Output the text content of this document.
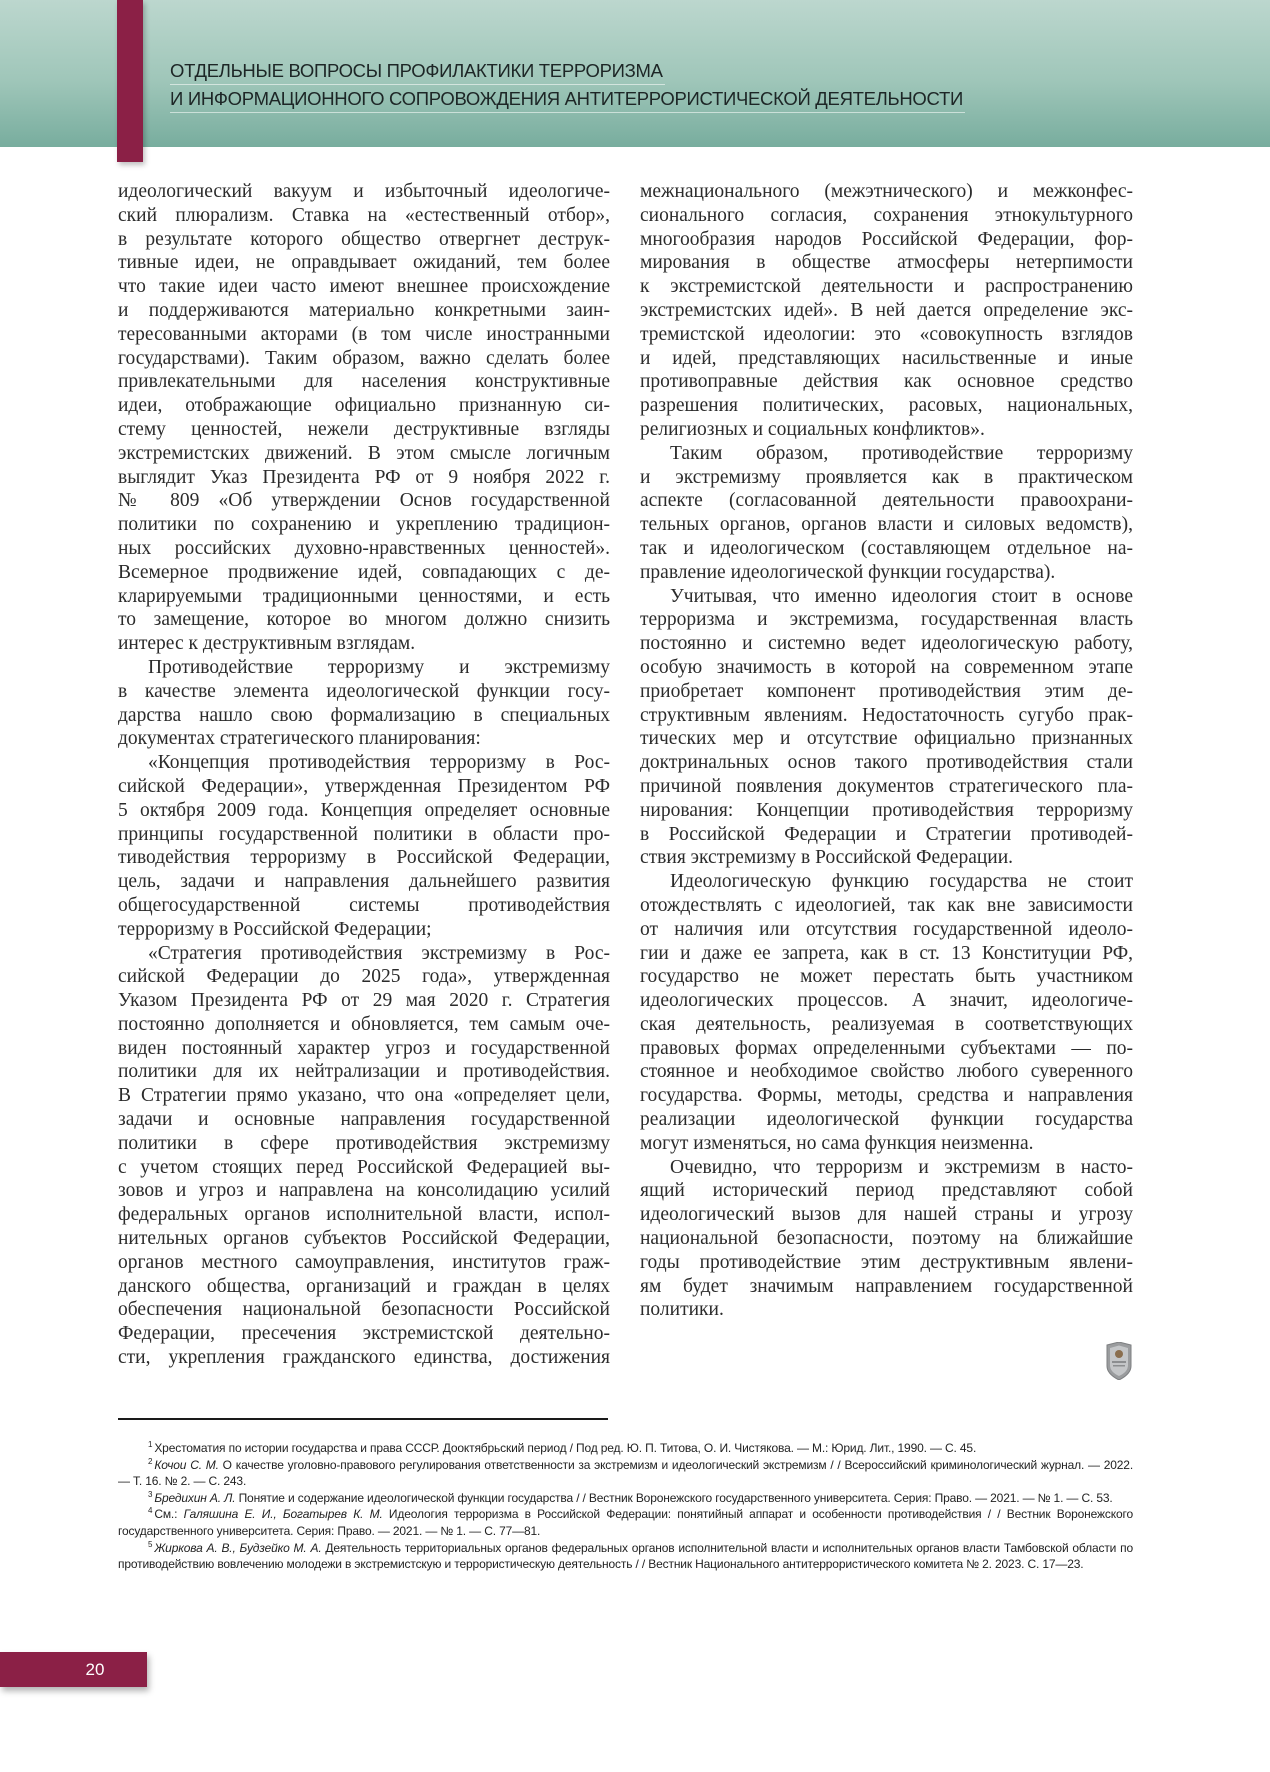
ОТДЕЛЬНЫЕ ВОПРОСЫ ПРОФИЛАКТИКИ ТЕРРОРИЗМА
И ИНФОРМАЦИОННОГО СОПРОВОЖДЕНИЯ АНТИТЕРРОРИСТИЧЕСКОЙ ДЕЯТЕЛЬНОСТИ
идеологический вакуум и избыточный идеологиче-
ский плюрализм. Ставка на «естественный отбор»,
в результате которого общество отвергнет деструк-
тивные идеи, не оправдывает ожиданий, тем более
что такие идеи часто имеют внешнее происхождение
и поддерживаются материально конкретными заин-
тересованными акторами (в том числе иностранными
государствами). Таким образом, важно сделать более
привлекательными для населения конструктивные
идеи, отображающие официально признанную си-
стему ценностей, нежели деструктивные взгляды
экстремистских движений. В этом смысле логичным
выглядит Указ Президента РФ от 9 ноября 2022 г.
№ 809 «Об утверждении Основ государственной
политики по сохранению и укреплению традицион-
ных российских духовно-нравственных ценностей».
Всемерное продвижение идей, совпадающих с де-
кларируемыми традиционными ценностями, и есть
то замещение, которое во многом должно снизить
интерес к деструктивным взглядам.
Противодействие терроризму и экстремизму
в качестве элемента идеологической функции госу-
дарства нашло свою формализацию в специальных
документах стратегического планирования:
«Концепция противодействия терроризму в Рос-
сийской Федерации», утвержденная Президентом РФ
5 октября 2009 года. Концепция определяет основные
принципы государственной политики в области про-
тиводействия терроризму в Российской Федерации,
цель, задачи и направления дальнейшего развития
общегосударственной системы противодействия
терроризму в Российской Федерации;
«Стратегия противодействия экстремизму в Рос-
сийской Федерации до 2025 года», утвержденная
Указом Президента РФ от 29 мая 2020 г. Стратегия
постоянно дополняется и обновляется, тем самым оче-
виден постоянный характер угроз и государственной
политики для их нейтрализации и противодействия.
В Стратегии прямо указано, что она «определяет цели,
задачи и основные направления государственной
политики в сфере противодействия экстремизму
с учетом стоящих перед Российской Федерацией вы-
зовов и угроз и направлена на консолидацию усилий
федеральных органов исполнительной власти, испол-
нительных органов субъектов Российской Федерации,
органов местного самоуправления, институтов граж-
данского общества, организаций и граждан в целях
обеспечения национальной безопасности Российской
Федерации, пресечения экстремистской деятельно-
сти, укрепления гражданского единства, достижения
межнационального (межэтнического) и межконфес-
сионального согласия, сохранения этнокультурного
многообразия народов Российской Федерации, фор-
мирования в обществе атмосферы нетерпимости
к экстремистской деятельности и распространению
экстремистских идей». В ней дается определение экс-
тремистской идеологии: это «совокупность взглядов
и идей, представляющих насильственные и иные
противоправные действия как основное средство
разрешения политических, расовых, национальных,
религиозных и социальных конфликтов».
Таким образом, противодействие терроризму
и экстремизму проявляется как в практическом
аспекте (согласованной деятельности правоохрани-
тельных органов, органов власти и силовых ведомств),
так и идеологическом (составляющем отдельное на-
правление идеологической функции государства).
Учитывая, что именно идеология стоит в основе
терроризма и экстремизма, государственная власть
постоянно и системно ведет идеологическую работу,
особую значимость в которой на современном этапе
приобретает компонент противодействия этим де-
структивным явлениям. Недостаточность сугубо прак-
тических мер и отсутствие официально признанных
доктринальных основ такого противодействия стали
причиной появления документов стратегического пла-
нирования: Концепции противодействия терроризму
в Российской Федерации и Стратегии противодей-
ствия экстремизму в Российской Федерации.
Идеологическую функцию государства не стоит
отождествлять с идеологией, так как вне зависимости
от наличия или отсутствия государственной идеоло-
гии и даже ее запрета, как в ст. 13 Конституции РФ,
государство не может перестать быть участником
идеологических процессов. А значит, идеологиче-
ская деятельность, реализуемая в соответствующих
правовых формах определенными субъектами — по-
стоянное и необходимое свойство любого суверенного
государства. Формы, методы, средства и направления
реализации идеологической функции государства
могут изменяться, но сама функция неизменна.
Очевидно, что терроризм и экстремизм в насто-
ящий исторический период представляют собой
идеологический вызов для нашей страны и угрозу
национальной безопасности, поэтому на ближайшие
годы противодействие этим деструктивным явлени-
ям будет значимым направлением государственной
политики.

$^1$ Хрестоматия по истории государства и права СССР. Дооктябрьский период / Под ред. Ю. П. Титова, О. И. Чистякова. — М.: Юрид. Лит., 1990. — С. 45.

$^2$ Кочои С. М. О качестве уголовно-правового регулирования ответственности за экстремизм и идеологический экстремизм / / Всероссийский криминологический журнал. — 2022. — Т. 16. № 2. — С. 243.

$^3$ Бредихин А. Л. Понятие и содержание идеологической функции государства / / Вестник Воронежского государственного университета. Серия: Право. — 2021. — № 1. — С. 53.

$^4$ См.: Галяшина Е. И., Богатырев К. М. Идеология терроризма в Российской Федерации: понятийный аппарат и особенности противодействия / / Вестник Воронежского государственного университета. Серия: Право. — 2021. — № 1. — С. 77—81.

$^5$ Жиркова А. В., Будзейко М. А. Деятельность территориальных органов федеральных органов исполнительной власти и исполнительных органов власти Тамбовской области по противодействию вовлечению молодежи в экстремистскую и террористическую деятельность / / Вестник Национального антитеррористического комитета № 2. 2023. С. 17—23.

20
